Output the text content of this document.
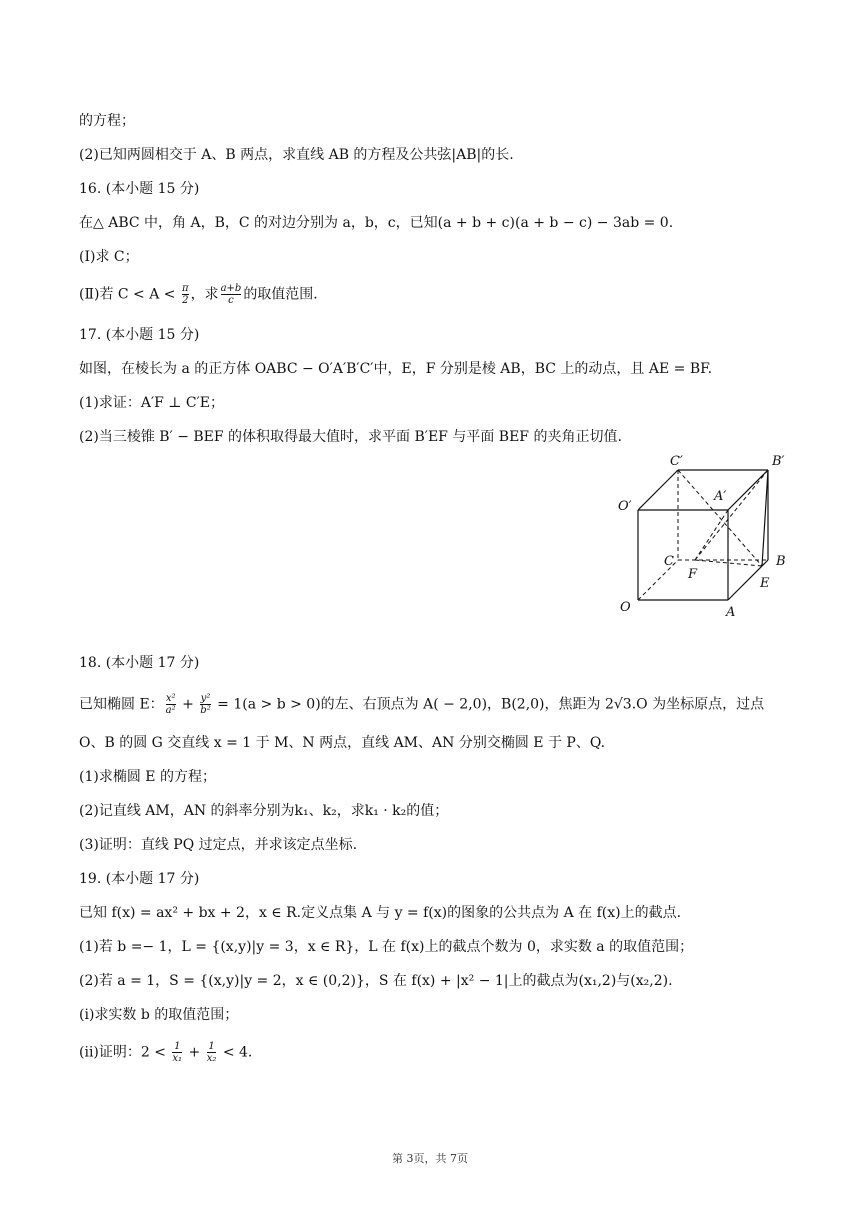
的方程；
(2)已知两圆相交于 A、B 两点，求直线 AB 的方程及公共弦|AB|的长.
16. (本小题 15 分)
在△ ABC 中，角 A，B，C 的对边分别为 a，b，c，已知(a + b + c)(a + b − c) − 3ab = 0.
(Ⅰ)求 C；
(Ⅱ)若 $C < A < \frac{\pi}{2}$ ，求 $\frac{a+b}{c}$ 的取值范围.
17. (本小题 15 分)
如图，在棱长为 a 的正方体 OABC − O′A′B′C′中，E，F 分别是棱 AB，BC 上的动点，且 AE = BF.
(1)求证：A′F ⊥ C′E；
(2)当三棱锥 B′ − BEF 的体积取得最大值时，求平面 B′EF 与平面 BEF 的夹角正切值.
C′	B′
A′
O′
C	B
F
E
O	A
18. (本小题 17 分)
已知椭圆 E： $\frac{\text{x²}}{\text{a²}} + \frac{\text{y²}}{\text{b²}} = 1(a > b > 0)$的左、右顶点为 A( − 2,0)，B(2,0)，焦距为 2√3.O 为坐标原点，过点
O、B 的圆 G 交直线 x = 1 于 M、N 两点，直线 AM、AN 分别交椭圆 E 于 P、Q.
(1)求椭圆 E 的方程；
(2)记直线 AM，AN 的斜率分别为k₁、k₂，求k₁ · k₂的值；
(3)证明：直线 PQ 过定点，并求该定点坐标.
19. (本小题 17 分)
已知 f(x) = ax² + bx + 2，x ∈ R.定义点集 A 与 y = f(x)的图象的公共点为 A 在 f(x)上的截点.
(1)若 b =− 1，L = {(x,y)|y = 3，x ∈ R}，L 在 f(x)上的截点个数为 0，求实数 a 的取值范围；
(2)若 a = 1，S = {(x,y)|y = 2，x ∈ (0,2)}，S 在 f(x) + |x² − 1|上的截点为(x₁,2)与(x₂,2).
(ⅰ)求实数 b 的取值范围；
(ⅱ)证明：$2 < \frac{1}{\text{x₁}} + \frac{1}{\text{x₂}} < 4$.
第 3页，共 7页
